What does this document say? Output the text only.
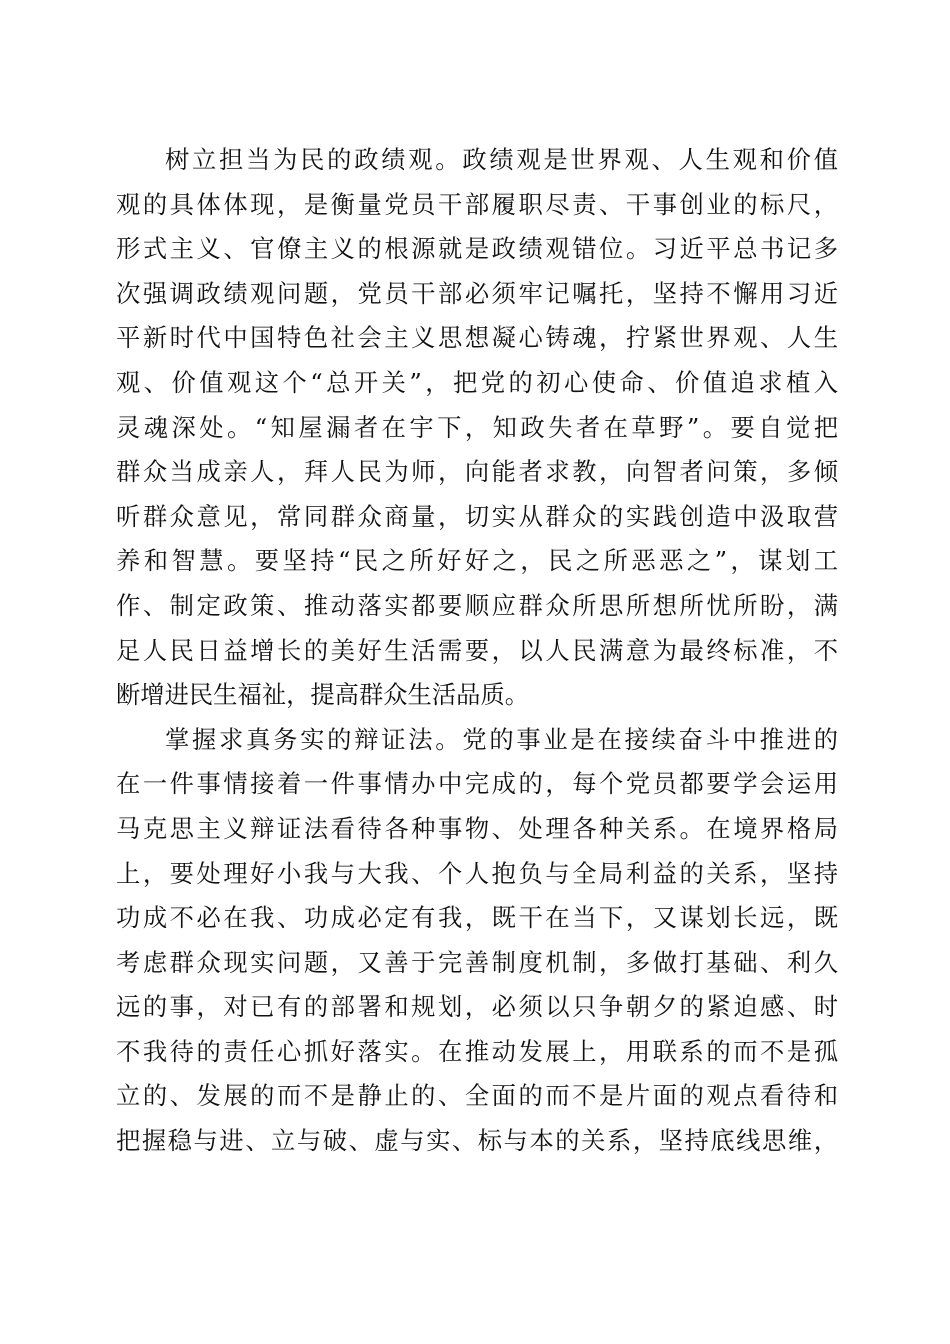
树立担当为民的政绩观。政绩观是世界观、人生观和价值
观的具体体现，是衡量党员干部履职尽责、干事创业的标尺，
形式主义、官僚主义的根源就是政绩观错位。习近平总书记多
次强调政绩观问题，党员干部必须牢记嘱托，坚持不懈用习近
平新时代中国特色社会主义思想凝心铸魂，拧紧世界观、人生
观、价值观这个“总开关”，把党的初心使命、价值追求植入
灵魂深处。“知屋漏者在宇下，知政失者在草野”。要自觉把
群众当成亲人，拜人民为师，向能者求教，向智者问策，多倾
听群众意见，常同群众商量，切实从群众的实践创造中汲取营
养和智慧。要坚持“民之所好好之，民之所恶恶之”，谋划工
作、制定政策、推动落实都要顺应群众所思所想所忧所盼，满
足人民日益增长的美好生活需要，以人民满意为最终标准，不
断增进民生福祉，提高群众生活品质。
掌握求真务实的辩证法。党的事业是在接续奋斗中推进的
在一件事情接着一件事情办中完成的，每个党员都要学会运用
马克思主义辩证法看待各种事物、处理各种关系。在境界格局
上，要处理好小我与大我、个人抱负与全局利益的关系，坚持
功成不必在我、功成必定有我，既干在当下，又谋划长远，既
考虑群众现实问题，又善于完善制度机制，多做打基础、利久
远的事，对已有的部署和规划，必须以只争朝夕的紧迫感、时
不我待的责任心抓好落实。在推动发展上，用联系的而不是孤
立的、发展的而不是静止的、全面的而不是片面的观点看待和
把握稳与进、立与破、虚与实、标与本的关系，坚持底线思维，
